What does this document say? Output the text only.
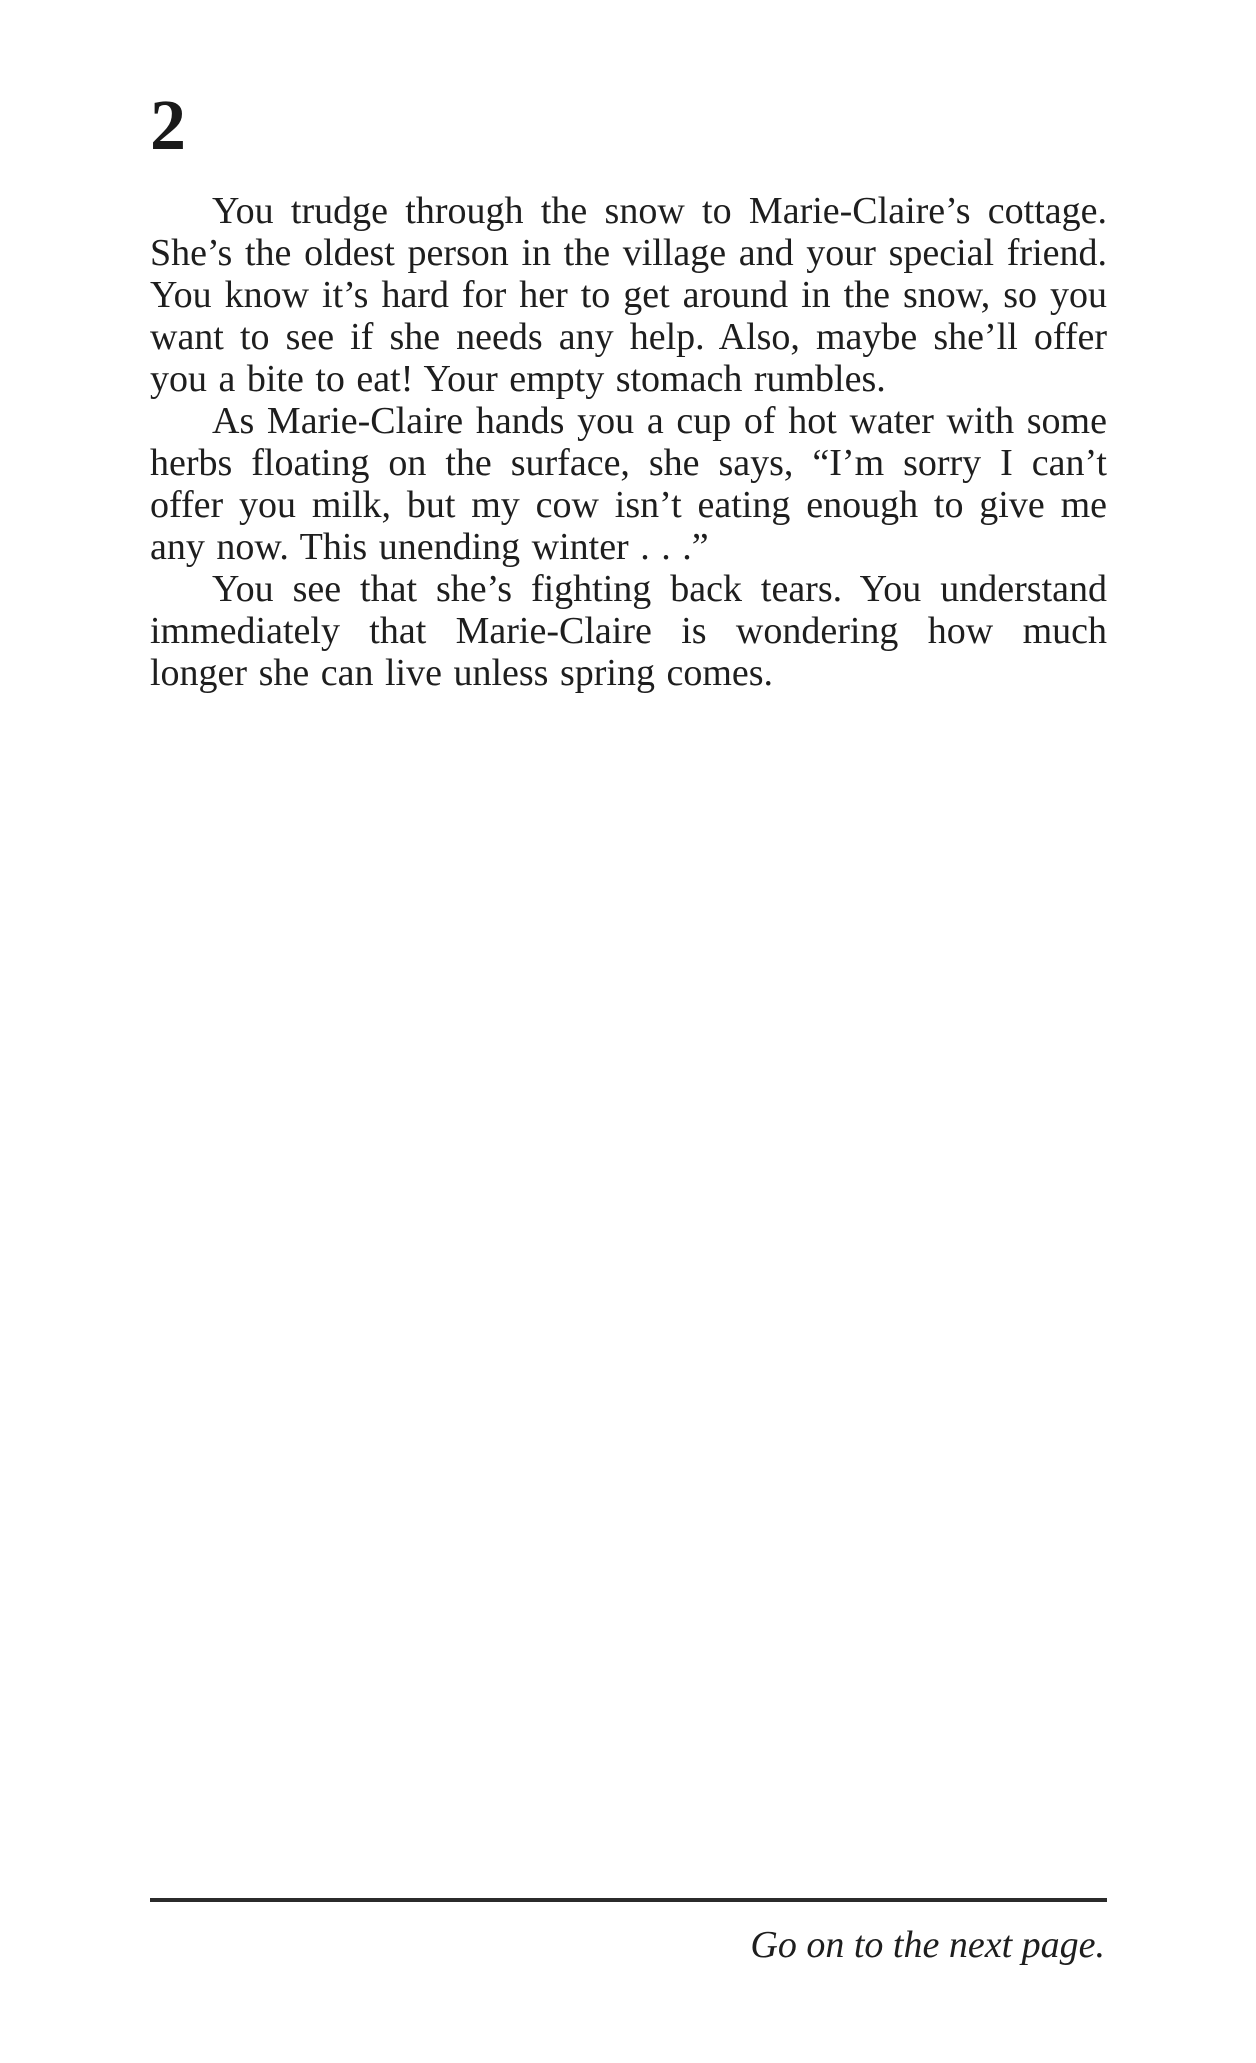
2

You trudge through the snow to Marie-Claire’s cottage. She’s the oldest person in the village and your special friend. You know it’s hard for her to get around in the snow, so you want to see if she needs any help. Also, maybe she’ll offer you a bite to eat! Your empty stomach rumbles.

As Marie-Claire hands you a cup of hot water with some herbs floating on the surface, she says, “I’m sorry I can’t offer you milk, but my cow isn’t eating enough to give me any now. This unending winter . . .”

You see that she’s fighting back tears. You understand immediately that Marie-Claire is wondering how much longer she can live unless spring comes.

Go on to the next page.
